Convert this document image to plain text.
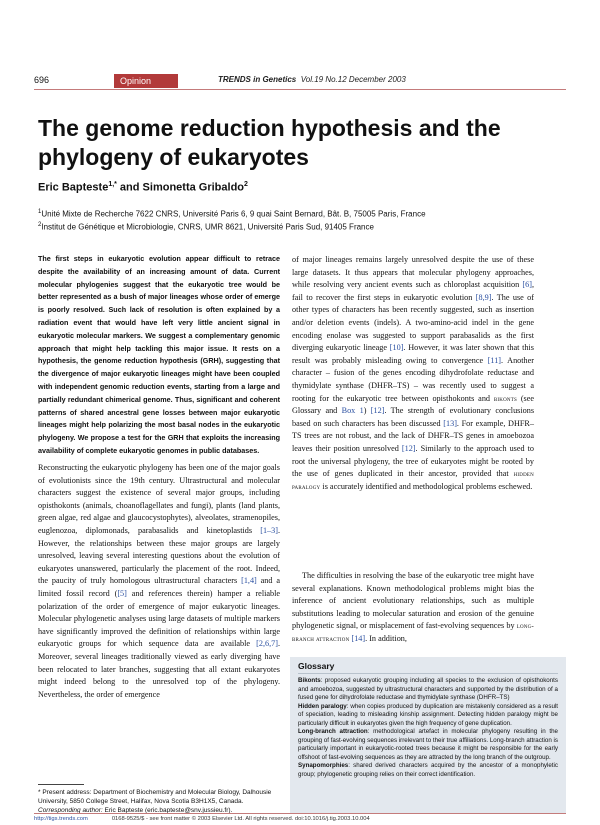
696	Opinion	TRENDS in Genetics Vol.19 No.12 December 2003
The genome reduction hypothesis and the phylogeny of eukaryotes
Eric Bapteste$^{1,*}$ and Simonetta Gribaldo$^2$
$^1$Unité Mixte de Recherche 7622 CNRS, Université Paris 6, 9 quai Saint Bernard, Bât. B, 75005 Paris, France
$^2$Institut de Génétique et Microbiologie, CNRS, UMR 8621, Université Paris Sud, 91405 France

The first steps in eukaryotic evolution appear difficult to retrace despite the availability of an increasing amount of data. Current molecular phylogenies suggest that the eukaryotic tree would be better represented as a bush of major lineages whose order of emerge is poorly resolved. Such lack of resolution is often explained by a radiation event that would have left very little ancient signal in eukaryotic molecular markers. We suggest a complementary genomic approach that might help tackling this major issue. It rests on a hypothesis, the genome reduction hypothesis (GRH), suggesting that the divergence of major eukaryotic lineages might have been coupled with independent genomic reduction events, starting from a large and partially redundant chimerical genome. Thus, significant and coherent patterns of shared ancestral gene losses between major eukaryotic lineages might help polarizing the most basal nodes in the eukaryotic phylogeny. We propose a test for the GRH that exploits the increasing availability of complete eukaryotic genomes in public databases.

Reconstructing the eukaryotic phylogeny has been one of the major goals of evolutionists since the 19th century. Ultrastructural and molecular characters suggest the existence of several major groups, including opisthokonts (animals, choanoflagellates and fungi), plants (land plants, green algae, red algae and glaucocystophytes), alveolates, stramenopiles, euglenozoa, diplomonads, parabasalids and kinetoplastids [1–3]. However, the relationships between these major groups are largely unresolved, leaving several interesting questions about the evolution of eukaryotes unanswered, particularly the placement of the root. Indeed, the paucity of truly homologous ultrastructural characters [1,4] and a limited fossil record ([5] and references therein) hamper a reliable polarization of the order of emergence of major eukaryotic lineages. Molecular phylogenetic analyses using large datasets of multiple markers have significantly improved the definition of relationships within large eukaryotic groups for which sequence data are available [2,6,7]. Moreover, several lineages traditionally viewed as early diverging have been relocated to later branches, suggesting that all extant eukaryotes might indeed belong to the unresolved top of the phylogeny. Nevertheless, the order of emergence

of major lineages remains largely unresolved despite the use of these large datasets. It thus appears that molecular phylogeny approaches, while resolving very ancient events such as chloroplast acquisition [6], fail to recover the first steps in eukaryotic evolution [8,9]. The use of other types of characters has been recently suggested, such as insertion and/or deletion events (indels). A two-amino-acid indel in the gene encoding enolase was suggested to support parabasalids as the first diverging eukaryotic lineage [10]. However, it was later shown that this result was probably misleading owing to convergence [11]. Another character – fusion of the genes encoding dihydrofolate reductase and thymidylate synthase (DHFR–TS) – was recently used to suggest a rooting for the eukaryotic tree between opisthokonts and bikonts (see Glossary and Box 1) [12]. The strength of evolutionary conclusions based on such characters has been discussed [13]. For example, DHFR–TS trees are not robust, and the lack of DHFR–TS genes in amoebozoa leaves their position unresolved [12]. Similarly to the approach used to root the universal phylogeny, the tree of eukaryotes might be rooted by the use of genes duplicated in their ancestor, provided that hidden paralogy is accurately identified and methodological problems eschewed.

The difficulties in resolving the base of the eukaryotic tree might have several explanations. Known methodological problems might bias the inference of ancient evolutionary relationships, such as multiple substitutions leading to molecular saturation and erosion of the genuine phylogenetic signal, or misplacement of fast-evolving sequences by long-branch attraction [14]. In addition,

Glossary

Bikonts: proposed eukaryotic grouping including all species to the exclusion of opisthokonts and amoebozoa, suggested by ultrastructural characters and supported by the distribution of a fused gene for dihydrofolate reductase and thymidylate synthase (DHFR–TS)

Hidden paralogy: when copies produced by duplication are mistakenly considered as a result of speciation, leading to misleading kinship assignment. Detecting hidden paralogy might be particularly difficult in eukaryotes given the high frequency of gene duplication.

Long-branch attraction: methodological artefact in molecular phylogeny resulting in the grouping of fast-evolving sequences irrelevant to their true affiliations. Long-branch attraction is particularly important in eukaryotic-rooted trees because it might be responsible for the early offshoot of fast-evolving sequences as they are attracted by the long branch of the outgroup.

Synapomorphies: shared derived characters acquired by the ancestor of a monophyletic group; phylogenetic grouping relies on their correct identification.

* Present address: Department of Biochemistry and Molecular Biology, Dalhousie University, 5850 College Street, Halifax, Nova Scotia B3H1X5, Canada.
Corresponding author: Eric Bapteste (eric.bapteste@snv.jussieu.fr).
http://tigs.trends.com	0168-9525/$ - see front matter © 2003 Elsevier Ltd. All rights reserved. doi:10.1016/j.tig.2003.10.004
